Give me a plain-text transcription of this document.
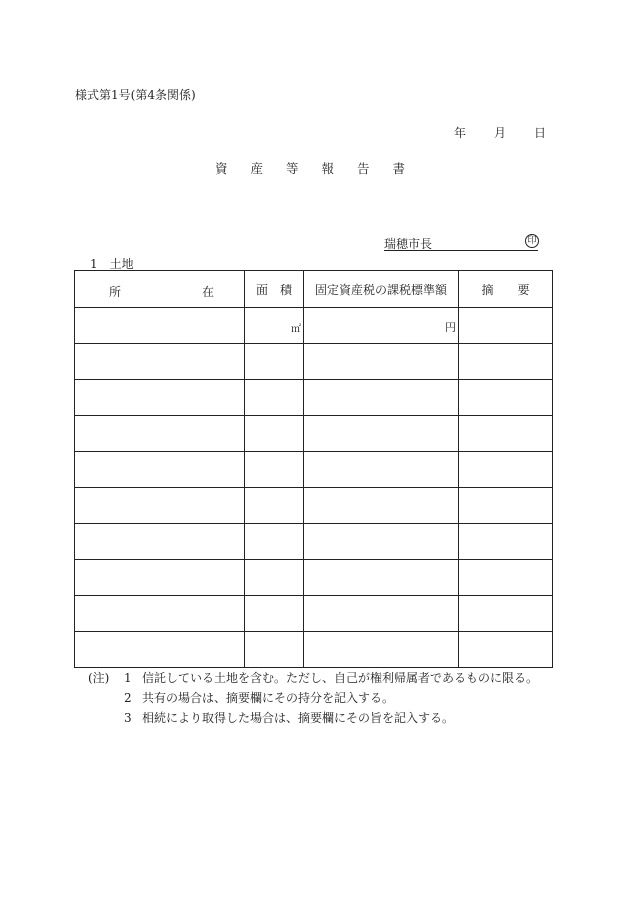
様式第1号(第4条関係)
年 月 日
資産等報告書
瑞穂市長	印
1　土地
所 在	面　積	固定資産税の課税標準額	摘　　要

	㎡	円	

(注) 1 信託している土地を含む。ただし、自己が権利帰属者であるものに限る。
2 共有の場合は、摘要欄にその持分を記入する。
3 相続により取得した場合は、摘要欄にその旨を記入する。
